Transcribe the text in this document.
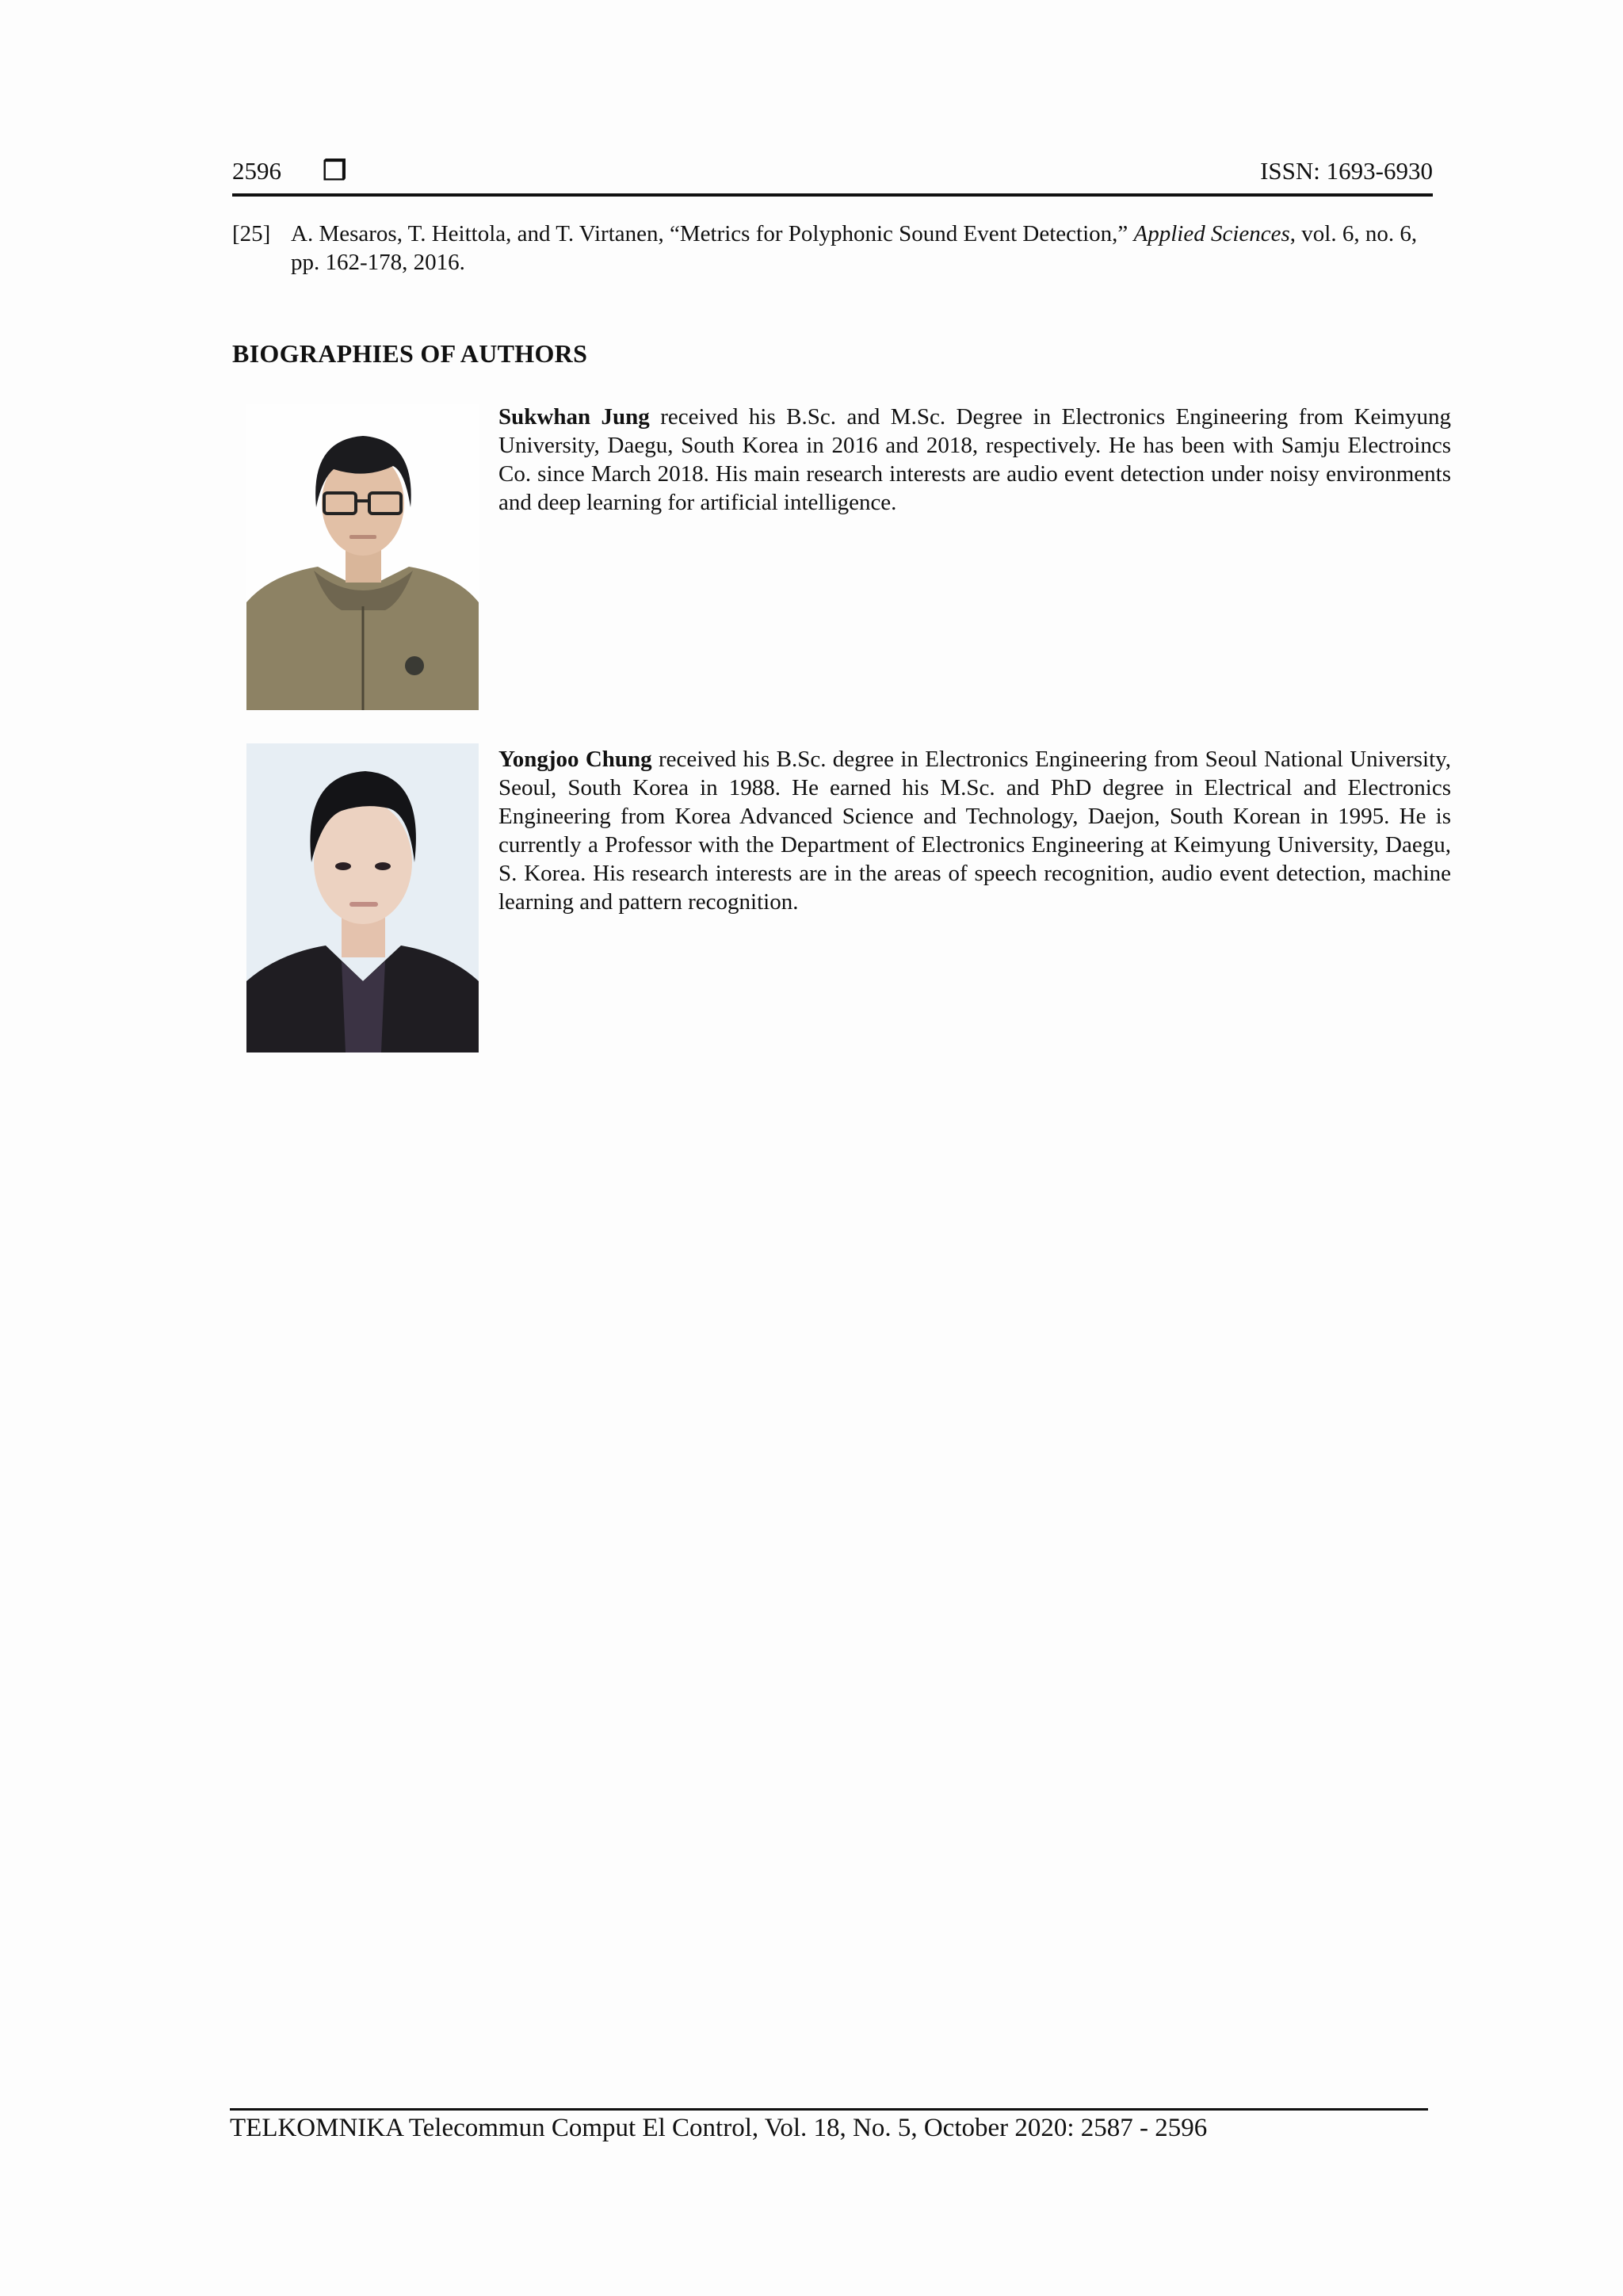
2596 ❒	ISSN: 1693-6930
[25] A. Mesaros, T. Heittola, and T. Virtanen, “Metrics for Polyphonic Sound Event Detection,” Applied Sciences, vol. 6, no. 6, pp. 162-178, 2016.
BIOGRAPHIES OF AUTHORS
Sukwhan Jung received his B.Sc. and M.Sc. Degree in Electronics Engineering from Keimyung University, Daegu, South Korea in 2016 and 2018, respectively. He has been with Samju Electroincs Co. since March 2018. His main research interests are audio event detection under noisy environments and deep learning for artificial intelligence.
Yongjoo Chung received his B.Sc. degree in Electronics Engineering from Seoul National University, Seoul, South Korea in 1988. He earned his M.Sc. and PhD degree in Electrical and Electronics Engineering from Korea Advanced Science and Technology, Daejon, South Korean in 1995. He is currently a Professor with the Department of Electronics Engineering at Keimyung University, Daegu, S. Korea. His research interests are in the areas of speech recognition, audio event detection, machine learning and pattern recognition.
TELKOMNIKA Telecommun Comput El Control, Vol. 18, No. 5, October 2020: 2587 - 2596
